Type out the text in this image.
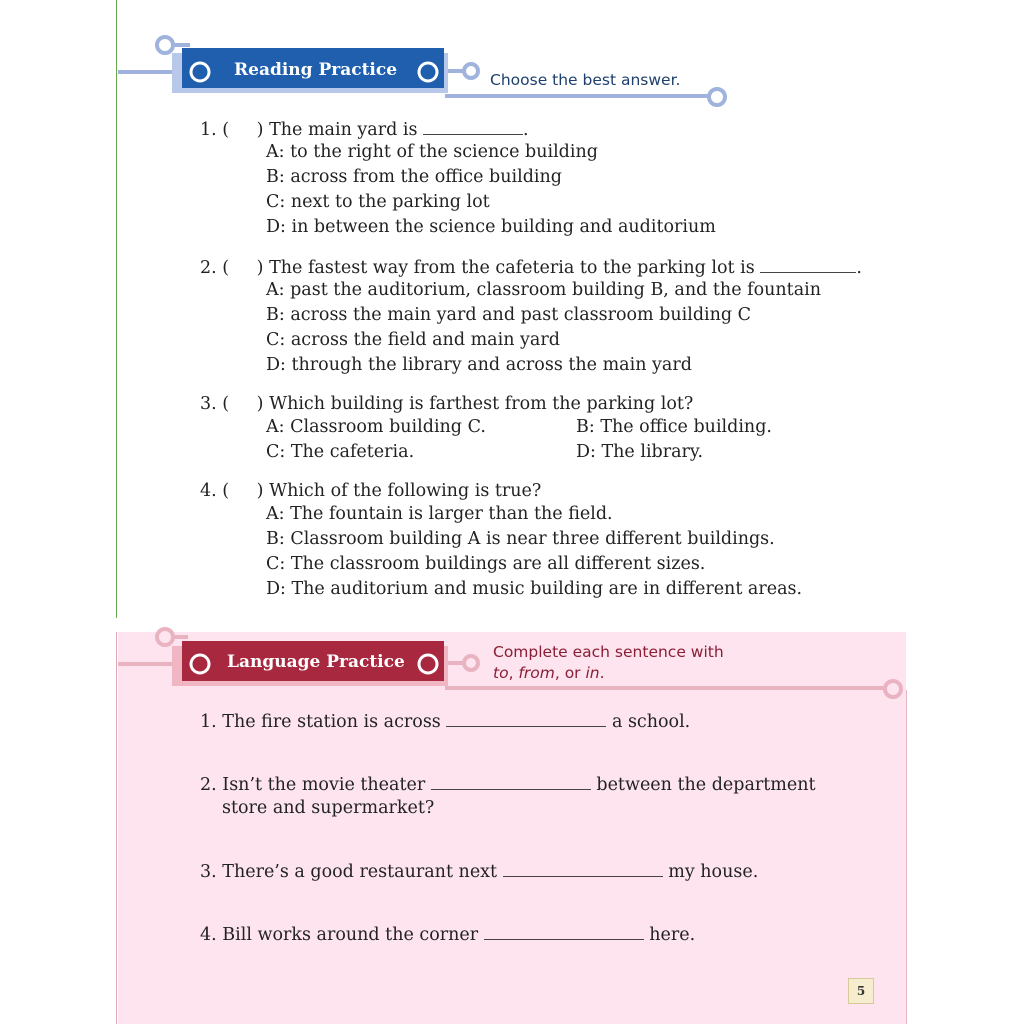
Reading Practice	Choose the best answer.
Language Practice	Complete each sentence with
to, from, or in.
1. ( ) The main yard is	.
A: to the right of the science building
B: across from the office building
C: next to the parking lot
D: in between the science building and auditorium
2. ( ) The fastest way from the cafeteria to the parking lot is	.
A: past the auditorium, classroom building B, and the fountain
B: across the main yard and past classroom building C
C: across the field and main yard
D: through the library and across the main yard
3. ( ) Which building is farthest from the parking lot?
A: Classroom building C.	B: The office building.
C: The cafeteria.	D: The library.
4. ( ) Which of the following is true?
A: The fountain is larger than the field.
B: Classroom building A is near three different buildings.
C: The classroom buildings are all different sizes.
D: The auditorium and music building are in different areas.
1. The fire station is across	a school.
2. Isn’t the movie theater	between the department
store and supermarket?
3. There’s a good restaurant next	my house.
4. Bill works around the corner	here.
5
